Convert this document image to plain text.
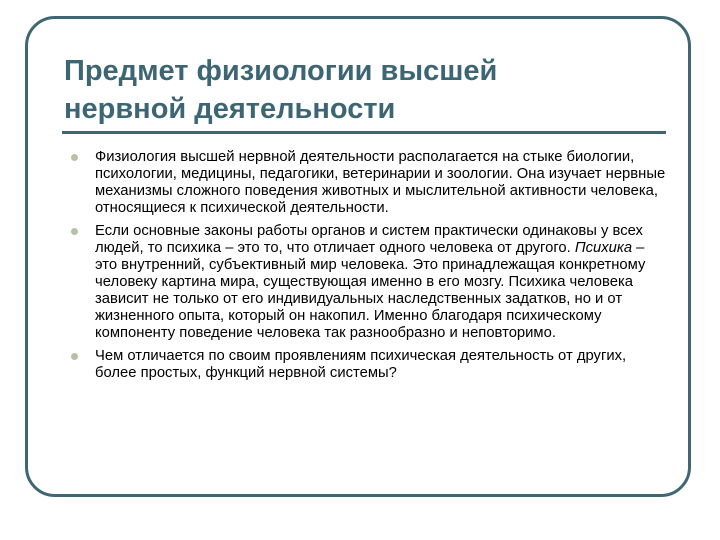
Предмет физиологии высшей
нервной деятельности
Физиология высшей нервной деятельности располагается на стыке биологии, психологии, медицины, педагогики, ветеринарии и зоологии. Она изучает нервные механизмы сложного поведения животных и мыслительной активности человека, относящиеся к психической деятельности.
Если основные законы работы органов и систем практически одинаковы у всех людей, то психика – это то, что отличает одного человека от другого. Психика – это внутренний, субъективный мир человека. Это принадлежащая конкретному человеку картина мира, существующая именно в его мозгу. Психика человека зависит не только от его индивидуальных наследственных задатков, но и от жизненного опыта, который он накопил. Именно благодаря психическому компоненту поведение человека так разнообразно и неповторимо.
Чем отличается по своим проявлениям психическая деятельность от других, более простых, функций нервной системы?
